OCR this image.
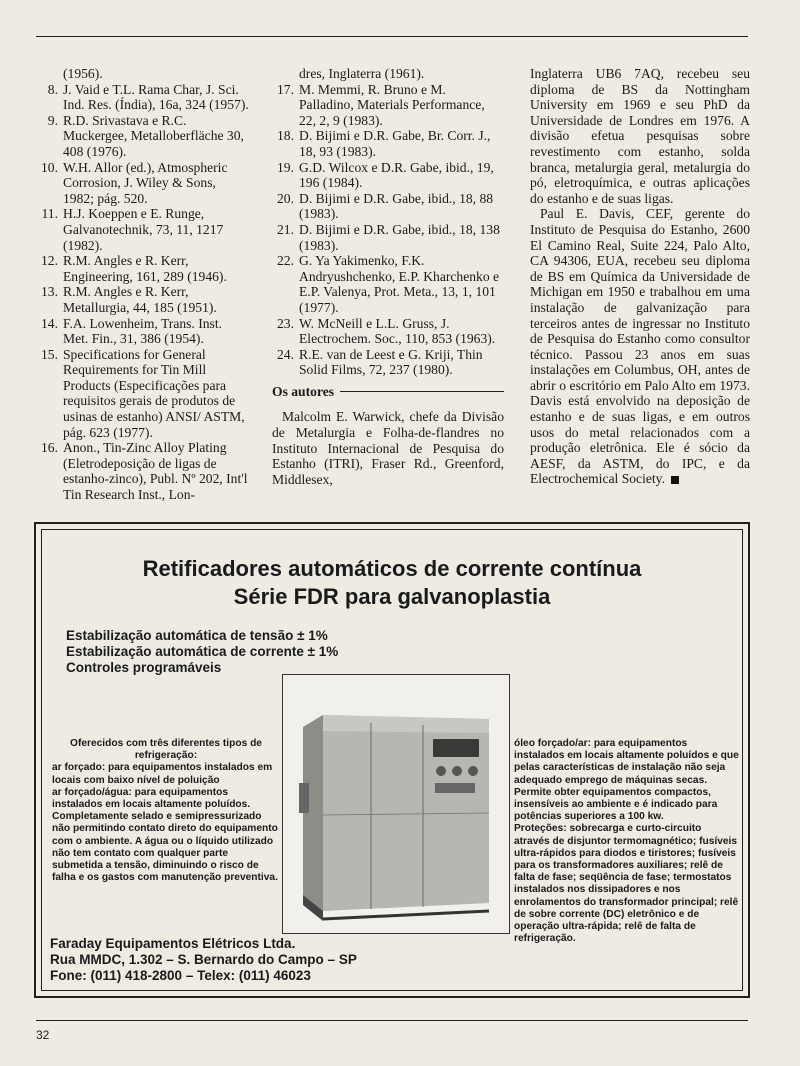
(1956).
8. J. Vaid e T.L. Rama Char, J. Sci. Ind. Res. (Índia), 16a, 324 (1957).
9. R.D. Srivastava e R.C. Muckergee, Metalloberfläche 30, 408 (1976).
10. W.H. Allor (ed.), Atmospheric Corrosion, J. Wiley & Sons, 1982; pág. 520.
11. H.J. Koeppen e E. Runge, Galvanotechnik, 73, 11, 1217 (1982).
12. R.M. Angles e R. Kerr, Engineering, 161, 289 (1946).
13. R.M. Angles e R. Kerr, Metallurgia, 44, 185 (1951).
14. F.A. Lowenheim, Trans. Inst. Met. Fin., 31, 386 (1954).
15. Specifications for General Requirements for Tin Mill Products (Especificações para requisitos gerais de produtos de usinas de estanho) ANSI/ ASTM, pág. 623 (1977).
16. Anon., Tin-Zinc Alloy Plating (Eletrodeposição de ligas de estanho-zinco), Publ. Nº 202, Int'l Tin Research Inst., Lon-
dres, Inglaterra (1961).
17. M. Memmi, R. Bruno e M. Palladino, Materials Performance, 22, 2, 9 (1983).
18. D. Bijimi e D.R. Gabe, Br. Corr. J., 18, 93 (1983).
19. G.D. Wilcox e D.R. Gabe, ibid., 19, 196 (1984).
20. D. Bijimi e D.R. Gabe, ibid., 18, 88 (1983).
21. D. Bijimi e D.R. Gabe, ibid., 18, 138 (1983).
22. G. Ya Yakimenko, F.K. Andryushchenko, E.P. Kharchenko e E.P. Valenya, Prot. Meta., 13, 1, 101 (1977).
23. W. McNeill e L.L. Gruss, J. Electrochem. Soc., 110, 853 (1963).
24. R.E. van de Leest e G. Kriji, Thin Solid Films, 72, 237 (1980).
Os autores

Malcolm E. Warwick, chefe da Divisão de Metalurgia e Folha-de-flandres no Instituto Internacional de Pesquisa do Estanho (ITRI), Fraser Rd., Greenford, Middlesex,

Inglaterra UB6 7AQ, recebeu seu diploma de BS da Nottingham University em 1969 e seu PhD da Universidade de Londres em 1976. A divisão efetua pesquisas sobre revestimento com estanho, solda branca, metalurgia geral, metalurgia do pó, eletroquímica, e outras aplicações do estanho e de suas ligas.

Paul E. Davis, CEF, gerente do Instituto de Pesquisa do Estanho, 2600 El Camino Real, Suite 224, Palo Alto, CA 94306, EUA, recebeu seu diploma de BS em Química da Universidade de Michigan em 1950 e trabalhou em uma instalação de galvanização para terceiros antes de ingressar no Instituto de Pesquisa do Estanho como consultor técnico. Passou 23 anos em suas instalações em Columbus, OH, antes de abrir o escritório em Palo Alto em 1973. Davis está envolvido na deposição de estanho e de suas ligas, e em outros usos do metal relacionados com a produção eletrônica. Ele é sócio da AESF, da ASTM, do IPC, e da Electrochemical Society.

Retificadores automáticos de corrente contínua
Série FDR para galvanoplastia
Estabilização automática de tensão ± 1%
Estabilização automática de corrente ± 1%
Controles programáveis
Oferecidos com três diferentes tipos de refrigeração:
ar forçado: para equipamentos instalados em locais com baixo nível de poluição
ar forçado/água: para equipamentos instalados em locais altamente poluídos. Completamente selado e semipressurizado não permitindo contato direto do equipamento com o ambiente. A água ou o líquido utilizado não tem contato com qualquer parte submetida a tensão, diminuindo o risco de falha e os gastos com manutenção preventiva.
óleo forçado/ar: para equipamentos instalados em locais altamente poluídos e que pelas características de instalação não seja adequado emprego de máquinas secas. Permite obter equipamentos compactos, insensíveis ao ambiente e é indicado para potências superiores a 100 kw.
Proteções: sobrecarga e curto-circuito através de disjuntor termomagnético; fusíveis ultra-rápidos para diodos e tiristores; fusíveis para os transformadores auxiliares; relê de falta de fase; seqüência de fase; termostatos instalados nos dissipadores e nos enrolamentos do transformador principal; relê de sobre corrente (DC) eletrônico e de operação ultra-rápida; relê de falta de refrigeração.
Faraday Equipamentos Elétricos Ltda.
Rua MMDC, 1.302 – S. Bernardo do Campo – SP
Fone: (011) 418-2800 – Telex: (011) 46023
32
